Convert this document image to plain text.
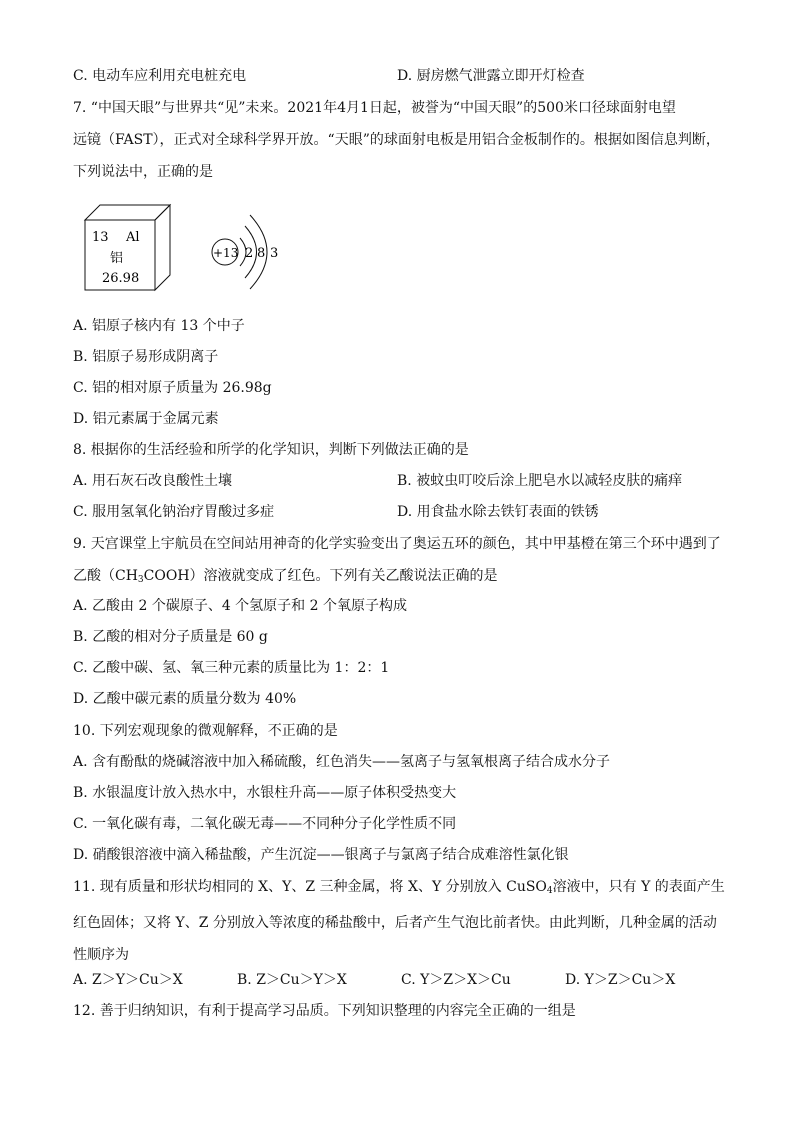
C. 电动车应利用充电桩充电	D. 厨房燃气泄露立即开灯检查
7. “中国天眼”与世界共“见”未来。2021年4月1日起，被誉为“中国天眼”的500米口径球面射电望
远镜（FAST），正式对全球科学界开放。“天眼”的球面射电板是用铝合金板制作的。根据如图信息判断，
下列说法中，正确的是
13 Al
铝
26.98
+13 2 8 3
A. 铝原子核内有 13 个中子
B. 铝原子易形成阴离子
C. 铝的相对原子质量为 26.98g
D. 铝元素属于金属元素
8. 根据你的生活经验和所学的化学知识，判断下列做法正确的是
A. 用石灰石改良酸性土壤	B. 被蚊虫叮咬后涂上肥皂水以减轻皮肤的痛痒
C. 服用氢氧化钠治疗胃酸过多症	D. 用食盐水除去铁钉表面的铁锈
9. 天宫课堂上宇航员在空间站用神奇的化学实验变出了奥运五环的颜色，其中甲基橙在第三个环中遇到了
乙酸$(CH_3COOH)$溶液就变成了红色。下列有关乙酸说法正确的是
A. 乙酸由 2 个碳原子、4 个氢原子和 2 个氧原子构成
B. 乙酸的相对分子质量是 60 g
C. 乙酸中碳、氢、氧三种元素的质量比为 1：2：1
D. 乙酸中碳元素的质量分数为 40%
10. 下列宏观现象的微观解释，不正确的是
A. 含有酚酞的烧碱溶液中加入稀硫酸，红色消失——氢离子与氢氧根离子结合成水分子
B. 水银温度计放入热水中，水银柱升高——原子体积受热变大
C. 一氧化碳有毒，二氧化碳无毒——不同种分子化学性质不同
D. 硝酸银溶液中滴入稀盐酸，产生沉淀——银离子与氯离子结合成难溶性氯化银
11. 现有质量和形状均相同的 X、Y、Z 三种金属，将 X、Y 分别放入 CuSO$_4$溶液中，只有 Y 的表面产生
红色固体；又将 Y、Z 分别放入等浓度的稀盐酸中，后者产生气泡比前者快。由此判断，几种金属的活动
性顺序为
A. Z＞Y＞Cu＞X	B. Z＞Cu＞Y＞X	C. Y＞Z＞X＞Cu	D. Y＞Z＞Cu＞X
12. 善于归纳知识，有利于提高学习品质。下列知识整理的内容完全正确的一组是
